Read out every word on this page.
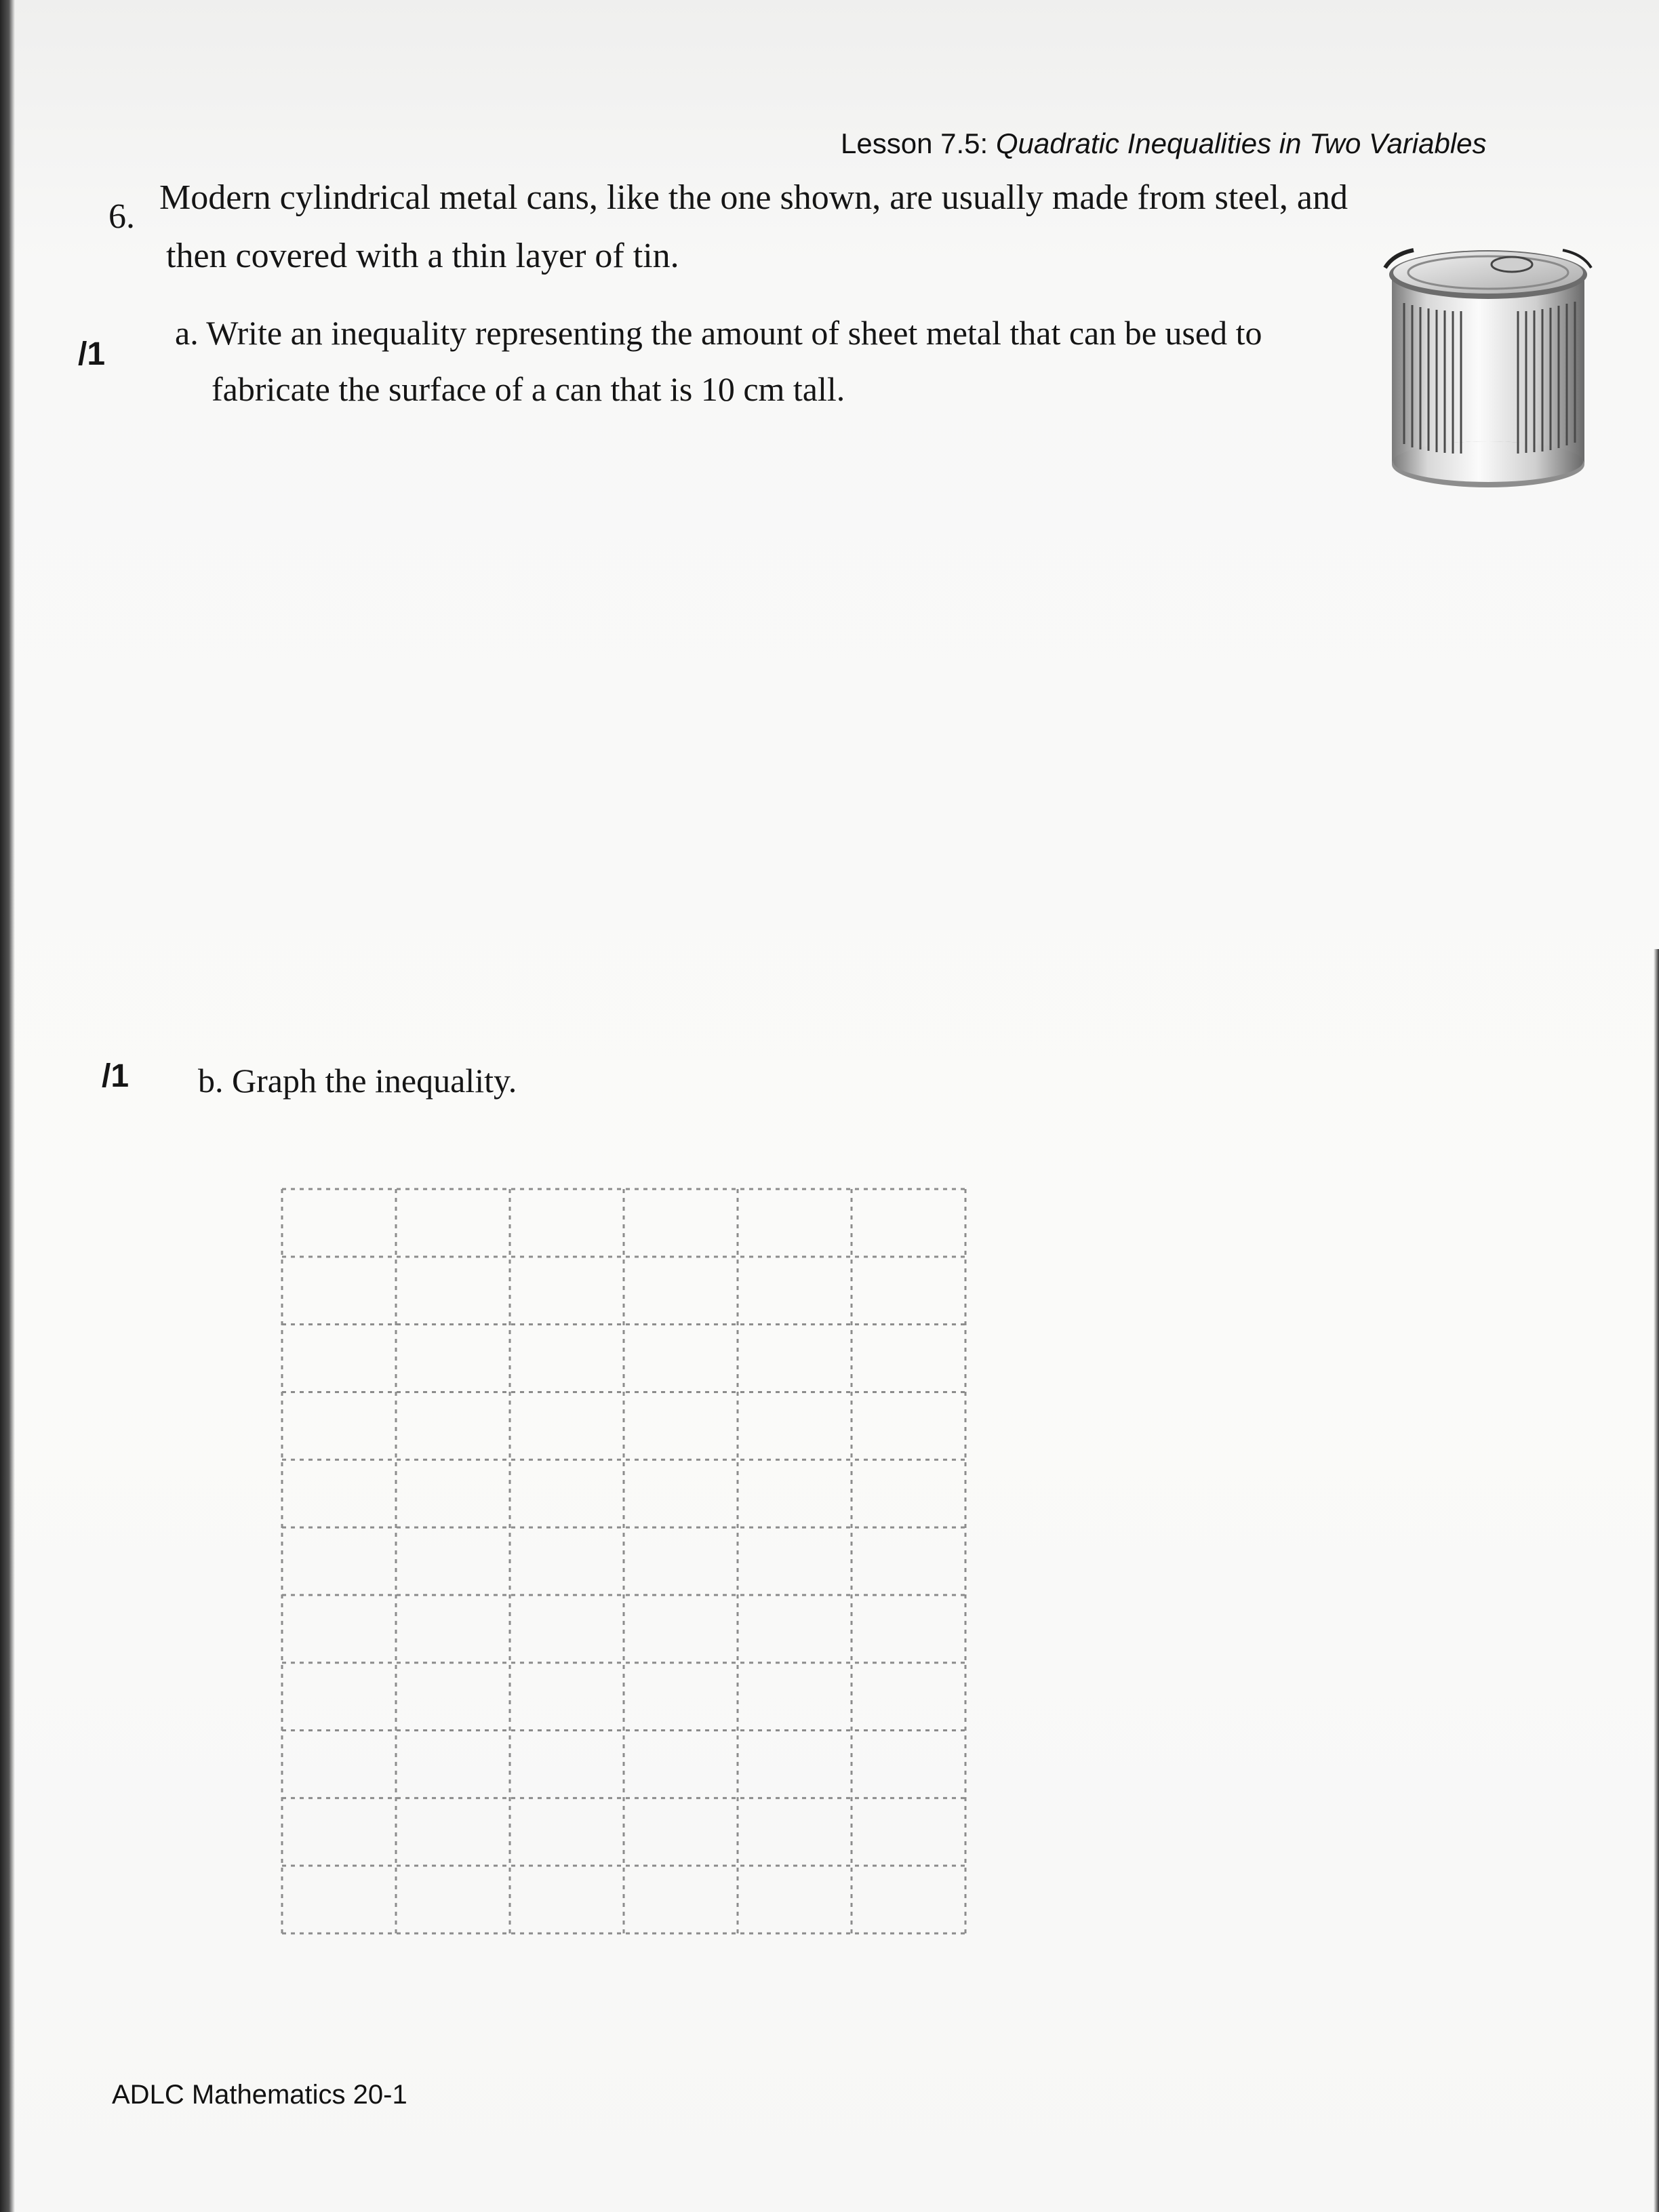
Lesson 7.5: Quadratic Inequalities in Two Variables

6. Modern cylindrical metal cans, like the one shown, are usually made from steel, and

then covered with a thin layer of tin.

/1

a. Write an inequality representing the amount of sheet metal that can be used to

fabricate the surface of a can that is 10 cm tall.

/1 b. Graph the inequality.

ADLC Mathematics 20-1
